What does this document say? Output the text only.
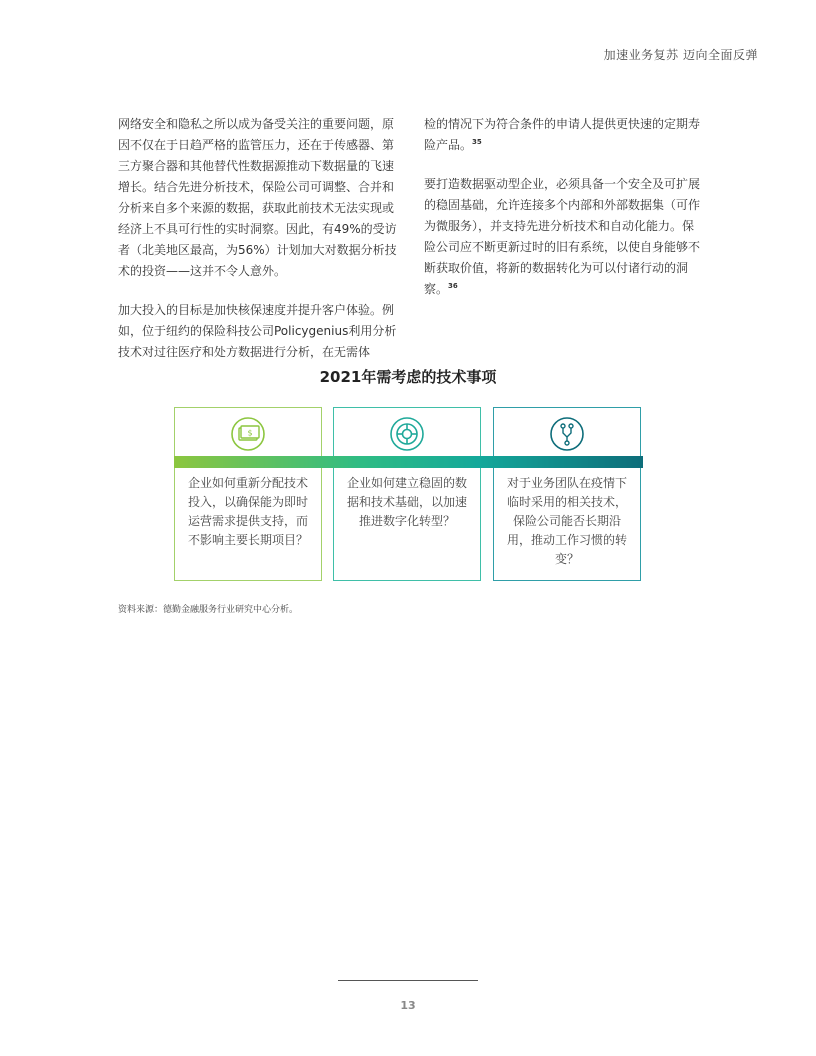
加速业务复苏 迈向全面反弹

网络安全和隐私之所以成为备受关注的重要问题，原因不仅在于日趋严格的监管压力，还在于传感器、第三方聚合器和其他替代性数据源推动下数据量的飞速增长。结合先进分析技术，保险公司可调整、合并和分析来自多个来源的数据，获取此前技术无法实现或经济上不具可行性的实时洞察。因此，有49%的受访者（北美地区最高，为56%）计划加大对数据分析技术的投资——这并不令人意外。

加大投入的目标是加快核保速度并提升客户体验。例如，位于纽约的保险科技公司Policygenius利用分析技术对过往医疗和处方数据进行分析，在无需体

检的情况下为符合条件的申请人提供更快速的定期寿险产品。$^{35}$

要打造数据驱动型企业，必须具备一个安全及可扩展的稳固基础，允许连接多个内部和外部数据集（可作为微服务），并支持先进分析技术和自动化能力。保险公司应不断更新过时的旧有系统，以使自身能够不断获取价值，将新的数据转化为可以付诸行动的洞察。$^{36}$

2021年需考虑的技术事项
$
企业如何重新分配技术投入，以确保能为即时运营需求提供支持，而不影响主要长期项目？
企业如何建立稳固的数据和技术基础，以加速推进数字化转型？
对于业务团队在疫情下临时采用的相关技术，保险公司能否长期沿用，推动工作习惯的转变？
资料来源：德勤金融服务行业研究中心分析。
13
